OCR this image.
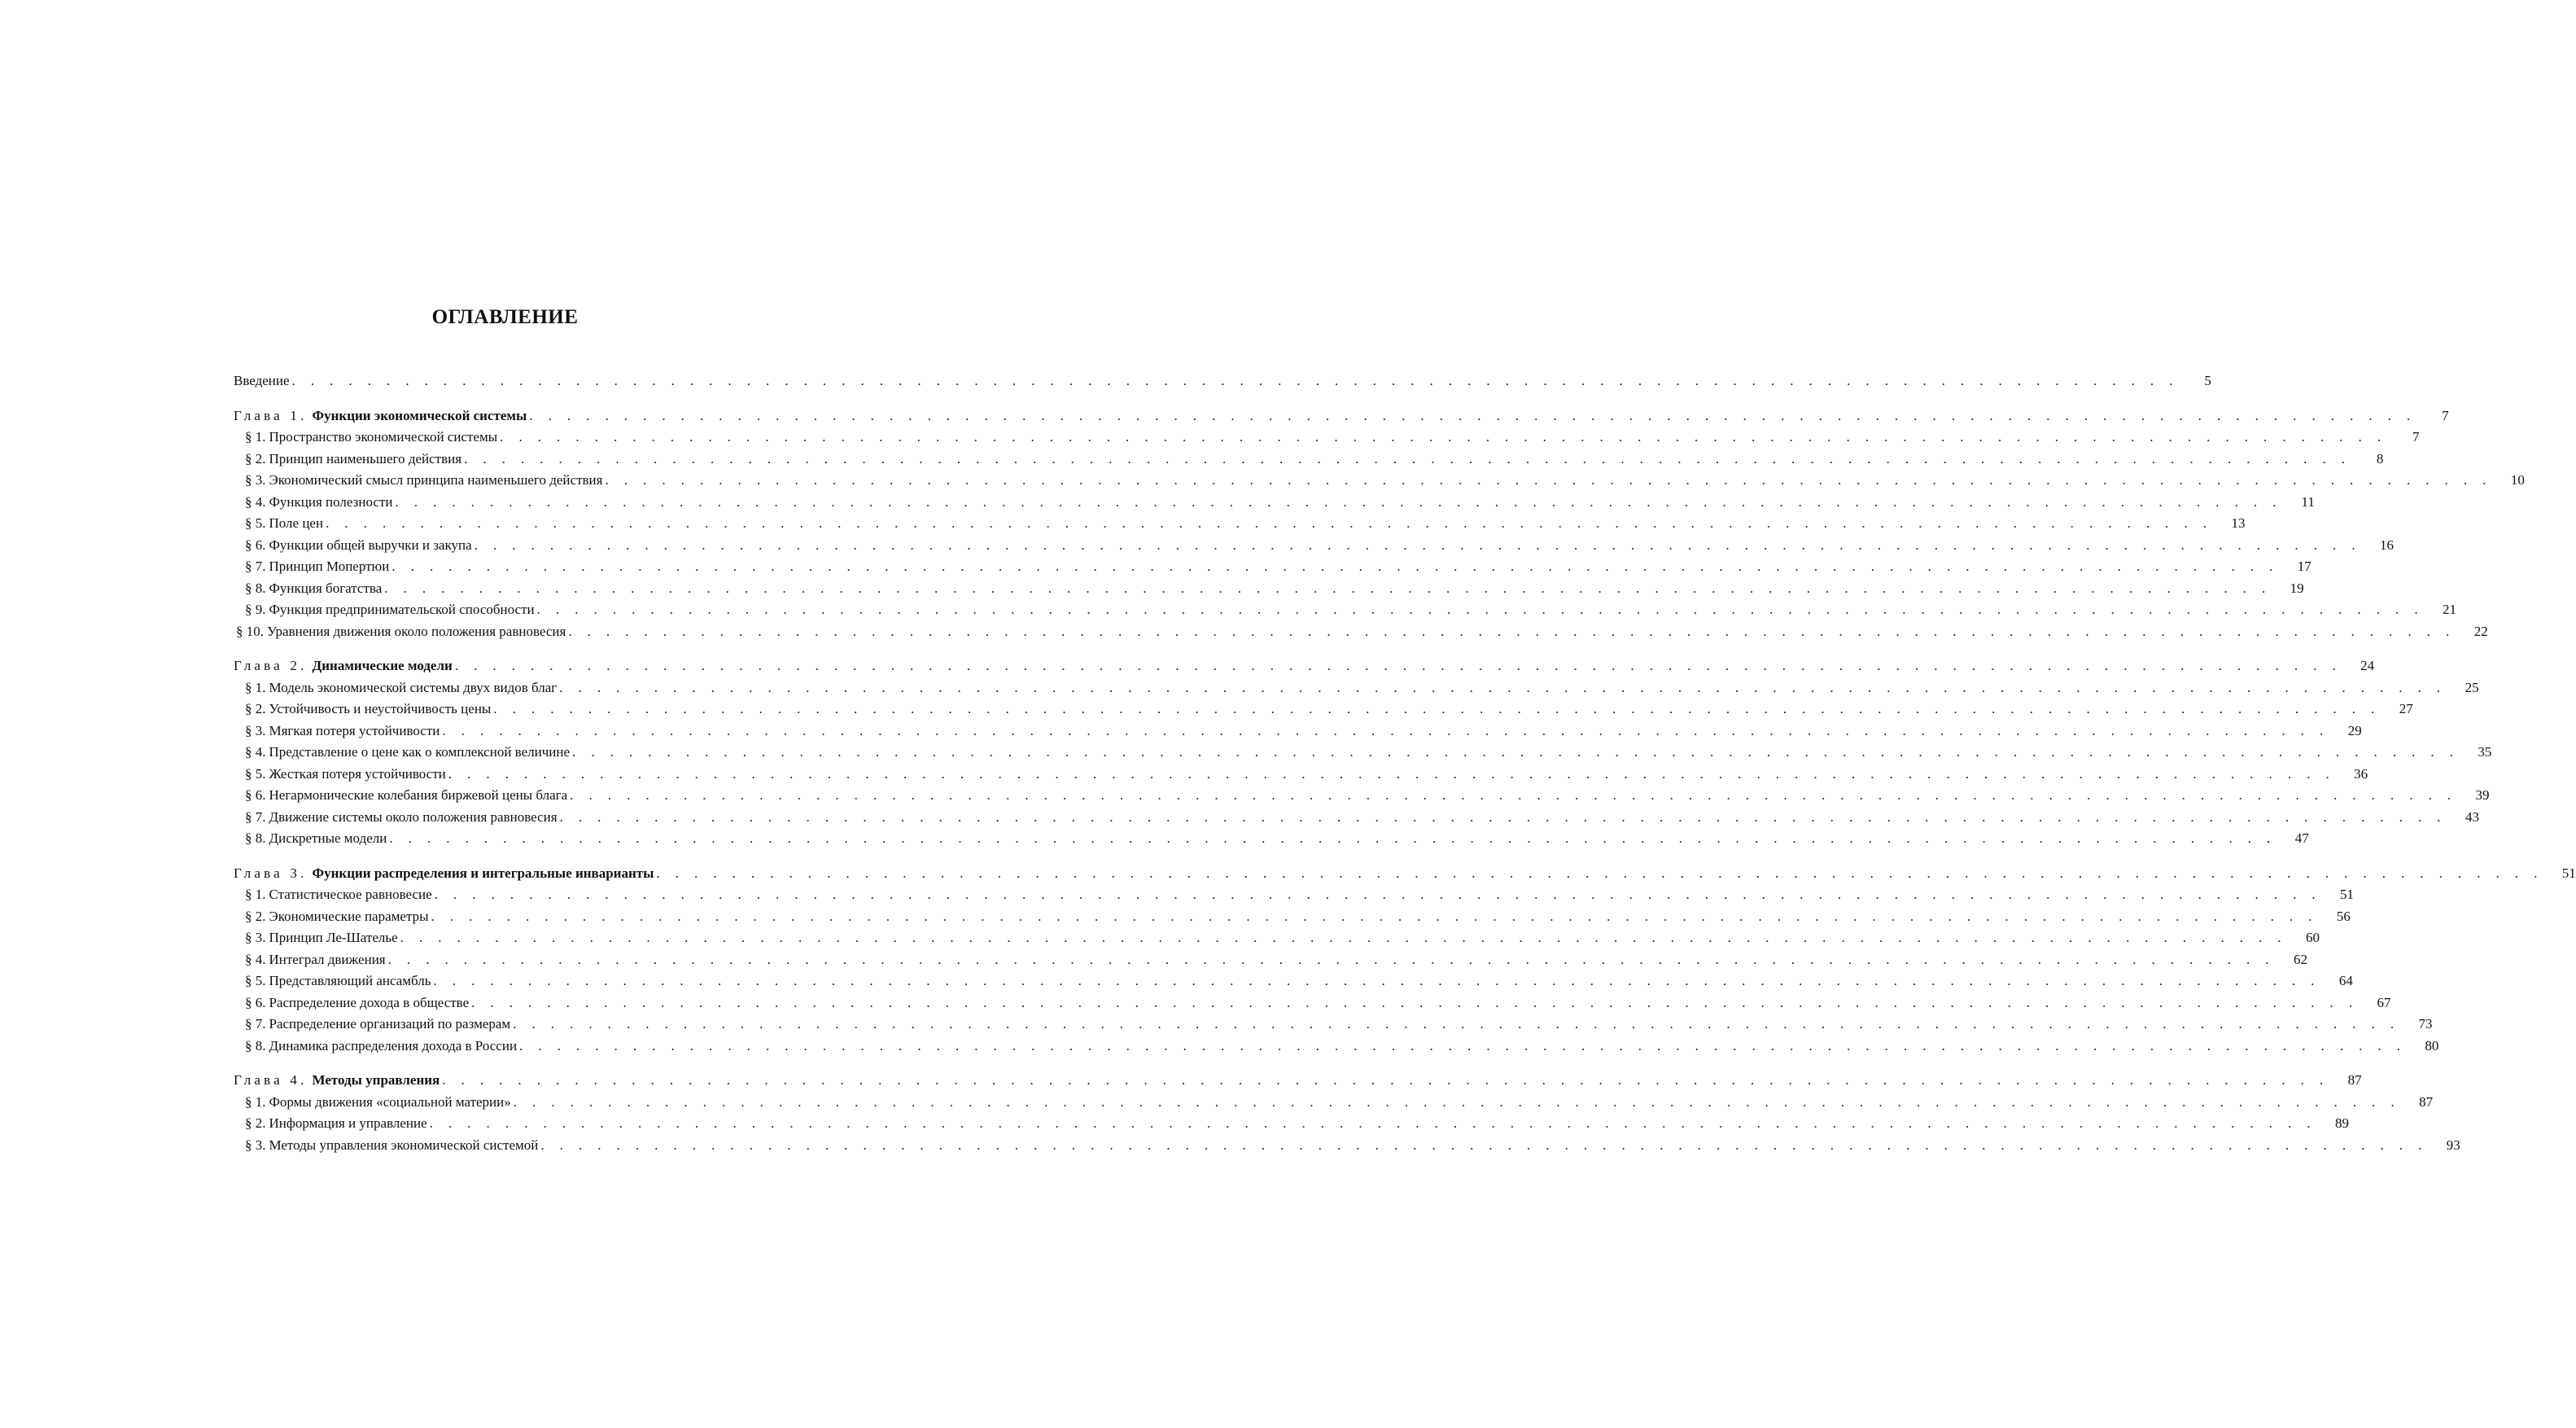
ОГЛАВЛЕНИЕ
Введение . . . . . . . . . . . . . . . . . . . . . . . . . . . . . . . . . . . . . . . . . . . . . . . . . . . . . . . . . . . . . . . . . . . . . . . . . . . . . . . . . . . . . . . . . . . . . . . . . . . .	5
Глава 1. Функции экономической системы . . . . . . . . . . . . . . . . . . . . . . . . . . . . . . . . . . . . . . . . . . . . . . . . . . . . . . . . . . . . . . . . . . . . . . . . . . . . . . . . . . . . . . . . . . . . . . . . . . . .	7
§ 1. Пространство экономической системы . . . . . . . . . . . . . . . . . . . . . . . . . . . . . . . . . . . . . . . . . . . . . . . . . . . . . . . . . . . . . . . . . . . . . . . . . . . . . . . . . . . . . . . . . . . . . . . . . . . .	7
§ 2. Принцип наименьшего действия . . . . . . . . . . . . . . . . . . . . . . . . . . . . . . . . . . . . . . . . . . . . . . . . . . . . . . . . . . . . . . . . . . . . . . . . . . . . . . . . . . . . . . . . . . . . . . . . . . . .	8
§ 3. Экономический смысл принципа наименьшего действия . . . . . . . . . . . . . . . . . . . . . . . . . . . . . . . . . . . . . . . . . . . . . . . . . . . . . . . . . . . . . . . . . . . . . . . . . . . . . . . . . . . . . . . . . . . . . . . . . . . . 10
§ 4. Функция полезности . . . . . . . . . . . . . . . . . . . . . . . . . . . . . . . . . . . . . . . . . . . . . . . . . . . . . . . . . . . . . . . . . . . . . . . . . . . . . . . . . . . . . . . . . . . . . . . . . . . .	11
§ 5. Поле цен . . . . . . . . . . . . . . . . . . . . . . . . . . . . . . . . . . . . . . . . . . . . . . . . . . . . . . . . . . . . . . . . . . . . . . . . . . . . . . . . . . . . . . . . . . . . . . . . . . . . 13
§ 6. Функции общей выручки и закупа . . . . . . . . . . . . . . . . . . . . . . . . . . . . . . . . . . . . . . . . . . . . . . . . . . . . . . . . . . . . . . . . . . . . . . . . . . . . . . . . . . . . . . . . . . . . . . . . . . . . 16
§ 7. Принцип Мопертюи . . . . . . . . . . . . . . . . . . . . . . . . . . . . . . . . . . . . . . . . . . . . . . . . . . . . . . . . . . . . . . . . . . . . . . . . . . . . . . . . . . . . . . . . . . . . . . . . . . . . 17
§ 8. Функция богатства . . . . . . . . . . . . . . . . . . . . . . . . . . . . . . . . . . . . . . . . . . . . . . . . . . . . . . . . . . . . . . . . . . . . . . . . . . . . . . . . . . . . . . . . . . . . . . . . . . . . 19
§ 9. Функция предпринимательской способности . . . . . . . . . . . . . . . . . . . . . . . . . . . . . . . . . . . . . . . . . . . . . . . . . . . . . . . . . . . . . . . . . . . . . . . . . . . . . . . . . . . . . . . . . . . . . . . . . . . . 21
§ 10. Уравнения движения около положения равновесия . . . . . . . . . . . . . . . . . . . . . . . . . . . . . . . . . . . . . . . . . . . . . . . . . . . . . . . . . . . . . . . . . . . . . . . . . . . . . . . . . . . . . . . . . . . . . . . . . . . . 22
Глава 2. Динамические модели . . . . . . . . . . . . . . . . . . . . . . . . . . . . . . . . . . . . . . . . . . . . . . . . . . . . . . . . . . . . . . . . . . . . . . . . . . . . . . . . . . . . . . . . . . . . . . . . . . . . 24
§ 1. Модель экономической системы двух видов благ . . . . . . . . . . . . . . . . . . . . . . . . . . . . . . . . . . . . . . . . . . . . . . . . . . . . . . . . . . . . . . . . . . . . . . . . . . . . . . . . . . . . . . . . . . . . . . . . . . . . 25
§ 2. Устойчивость и неустойчивость цены . . . . . . . . . . . . . . . . . . . . . . . . . . . . . . . . . . . . . . . . . . . . . . . . . . . . . . . . . . . . . . . . . . . . . . . . . . . . . . . . . . . . . . . . . . . . . . . . . . . . 27
§ 3. Мягкая потеря устойчивости . . . . . . . . . . . . . . . . . . . . . . . . . . . . . . . . . . . . . . . . . . . . . . . . . . . . . . . . . . . . . . . . . . . . . . . . . . . . . . . . . . . . . . . . . . . . . . . . . . . . 29
§ 4. Представление о цене как о комплексной величине . . . . . . . . . . . . . . . . . . . . . . . . . . . . . . . . . . . . . . . . . . . . . . . . . . . . . . . . . . . . . . . . . . . . . . . . . . . . . . . . . . . . . . . . . . . . . . . . . . . . 35
§ 5. Жесткая потеря устойчивости . . . . . . . . . . . . . . . . . . . . . . . . . . . . . . . . . . . . . . . . . . . . . . . . . . . . . . . . . . . . . . . . . . . . . . . . . . . . . . . . . . . . . . . . . . . . . . . . . . . . 36
§ 6. Негармонические колебания биржевой цены блага . . . . . . . . . . . . . . . . . . . . . . . . . . . . . . . . . . . . . . . . . . . . . . . . . . . . . . . . . . . . . . . . . . . . . . . . . . . . . . . . . . . . . . . . . . . . . . . . . . . . 39
§ 7. Движение системы около положения равновесия . . . . . . . . . . . . . . . . . . . . . . . . . . . . . . . . . . . . . . . . . . . . . . . . . . . . . . . . . . . . . . . . . . . . . . . . . . . . . . . . . . . . . . . . . . . . . . . . . . . . 43
§ 8. Дискретные модели . . . . . . . . . . . . . . . . . . . . . . . . . . . . . . . . . . . . . . . . . . . . . . . . . . . . . . . . . . . . . . . . . . . . . . . . . . . . . . . . . . . . . . . . . . . . . . . . . . . . 47
Глава 3. Функции распределения и интегральные инварианты . . . . . . . . . . . . . . . . . . . . . . . . . . . . . . . . . . . . . . . . . . . . . . . . . . . . . . . . . . . . . . . . . . . . . . . . . . . . . . . . . . . . . . . . . . . . . . . . . . . . 51
§ 1. Статистическое равновесие . . . . . . . . . . . . . . . . . . . . . . . . . . . . . . . . . . . . . . . . . . . . . . . . . . . . . . . . . . . . . . . . . . . . . . . . . . . . . . . . . . . . . . . . . . . . . . . . . . . . 51
§ 2. Экономические параметры . . . . . . . . . . . . . . . . . . . . . . . . . . . . . . . . . . . . . . . . . . . . . . . . . . . . . . . . . . . . . . . . . . . . . . . . . . . . . . . . . . . . . . . . . . . . . . . . . . . . 56
§ 3. Принцип Ле-Шателье . . . . . . . . . . . . . . . . . . . . . . . . . . . . . . . . . . . . . . . . . . . . . . . . . . . . . . . . . . . . . . . . . . . . . . . . . . . . . . . . . . . . . . . . . . . . . . . . . . . . 60
§ 4. Интеграл движения . . . . . . . . . . . . . . . . . . . . . . . . . . . . . . . . . . . . . . . . . . . . . . . . . . . . . . . . . . . . . . . . . . . . . . . . . . . . . . . . . . . . . . . . . . . . . . . . . . . . 62
§ 5. Представляющий ансамбль . . . . . . . . . . . . . . . . . . . . . . . . . . . . . . . . . . . . . . . . . . . . . . . . . . . . . . . . . . . . . . . . . . . . . . . . . . . . . . . . . . . . . . . . . . . . . . . . . . . . 64
§ 6. Распределение дохода в обществе . . . . . . . . . . . . . . . . . . . . . . . . . . . . . . . . . . . . . . . . . . . . . . . . . . . . . . . . . . . . . . . . . . . . . . . . . . . . . . . . . . . . . . . . . . . . . . . . . . . . 67
§ 7. Распределение организаций по размерам . . . . . . . . . . . . . . . . . . . . . . . . . . . . . . . . . . . . . . . . . . . . . . . . . . . . . . . . . . . . . . . . . . . . . . . . . . . . . . . . . . . . . . . . . . . . . . . . . . . . 73
§ 8. Динамика распределения дохода в России . . . . . . . . . . . . . . . . . . . . . . . . . . . . . . . . . . . . . . . . . . . . . . . . . . . . . . . . . . . . . . . . . . . . . . . . . . . . . . . . . . . . . . . . . . . . . . . . . . . . 80
Глава 4. Методы управления . . . . . . . . . . . . . . . . . . . . . . . . . . . . . . . . . . . . . . . . . . . . . . . . . . . . . . . . . . . . . . . . . . . . . . . . . . . . . . . . . . . . . . . . . . . . . . . . . . . . 87
§ 1. Формы движения «социальной материи» . . . . . . . . . . . . . . . . . . . . . . . . . . . . . . . . . . . . . . . . . . . . . . . . . . . . . . . . . . . . . . . . . . . . . . . . . . . . . . . . . . . . . . . . . . . . . . . . . . . . 87
§ 2. Информация и управление . . . . . . . . . . . . . . . . . . . . . . . . . . . . . . . . . . . . . . . . . . . . . . . . . . . . . . . . . . . . . . . . . . . . . . . . . . . . . . . . . . . . . . . . . . . . . . . . . . . . 89
§ 3. Методы управления экономической системой . . . . . . . . . . . . . . . . . . . . . . . . . . . . . . . . . . . . . . . . . . . . . . . . . . . . . . . . . . . . . . . . . . . . . . . . . . . . . . . . . . . . . . . . . . . . . . . . . . . . 93
